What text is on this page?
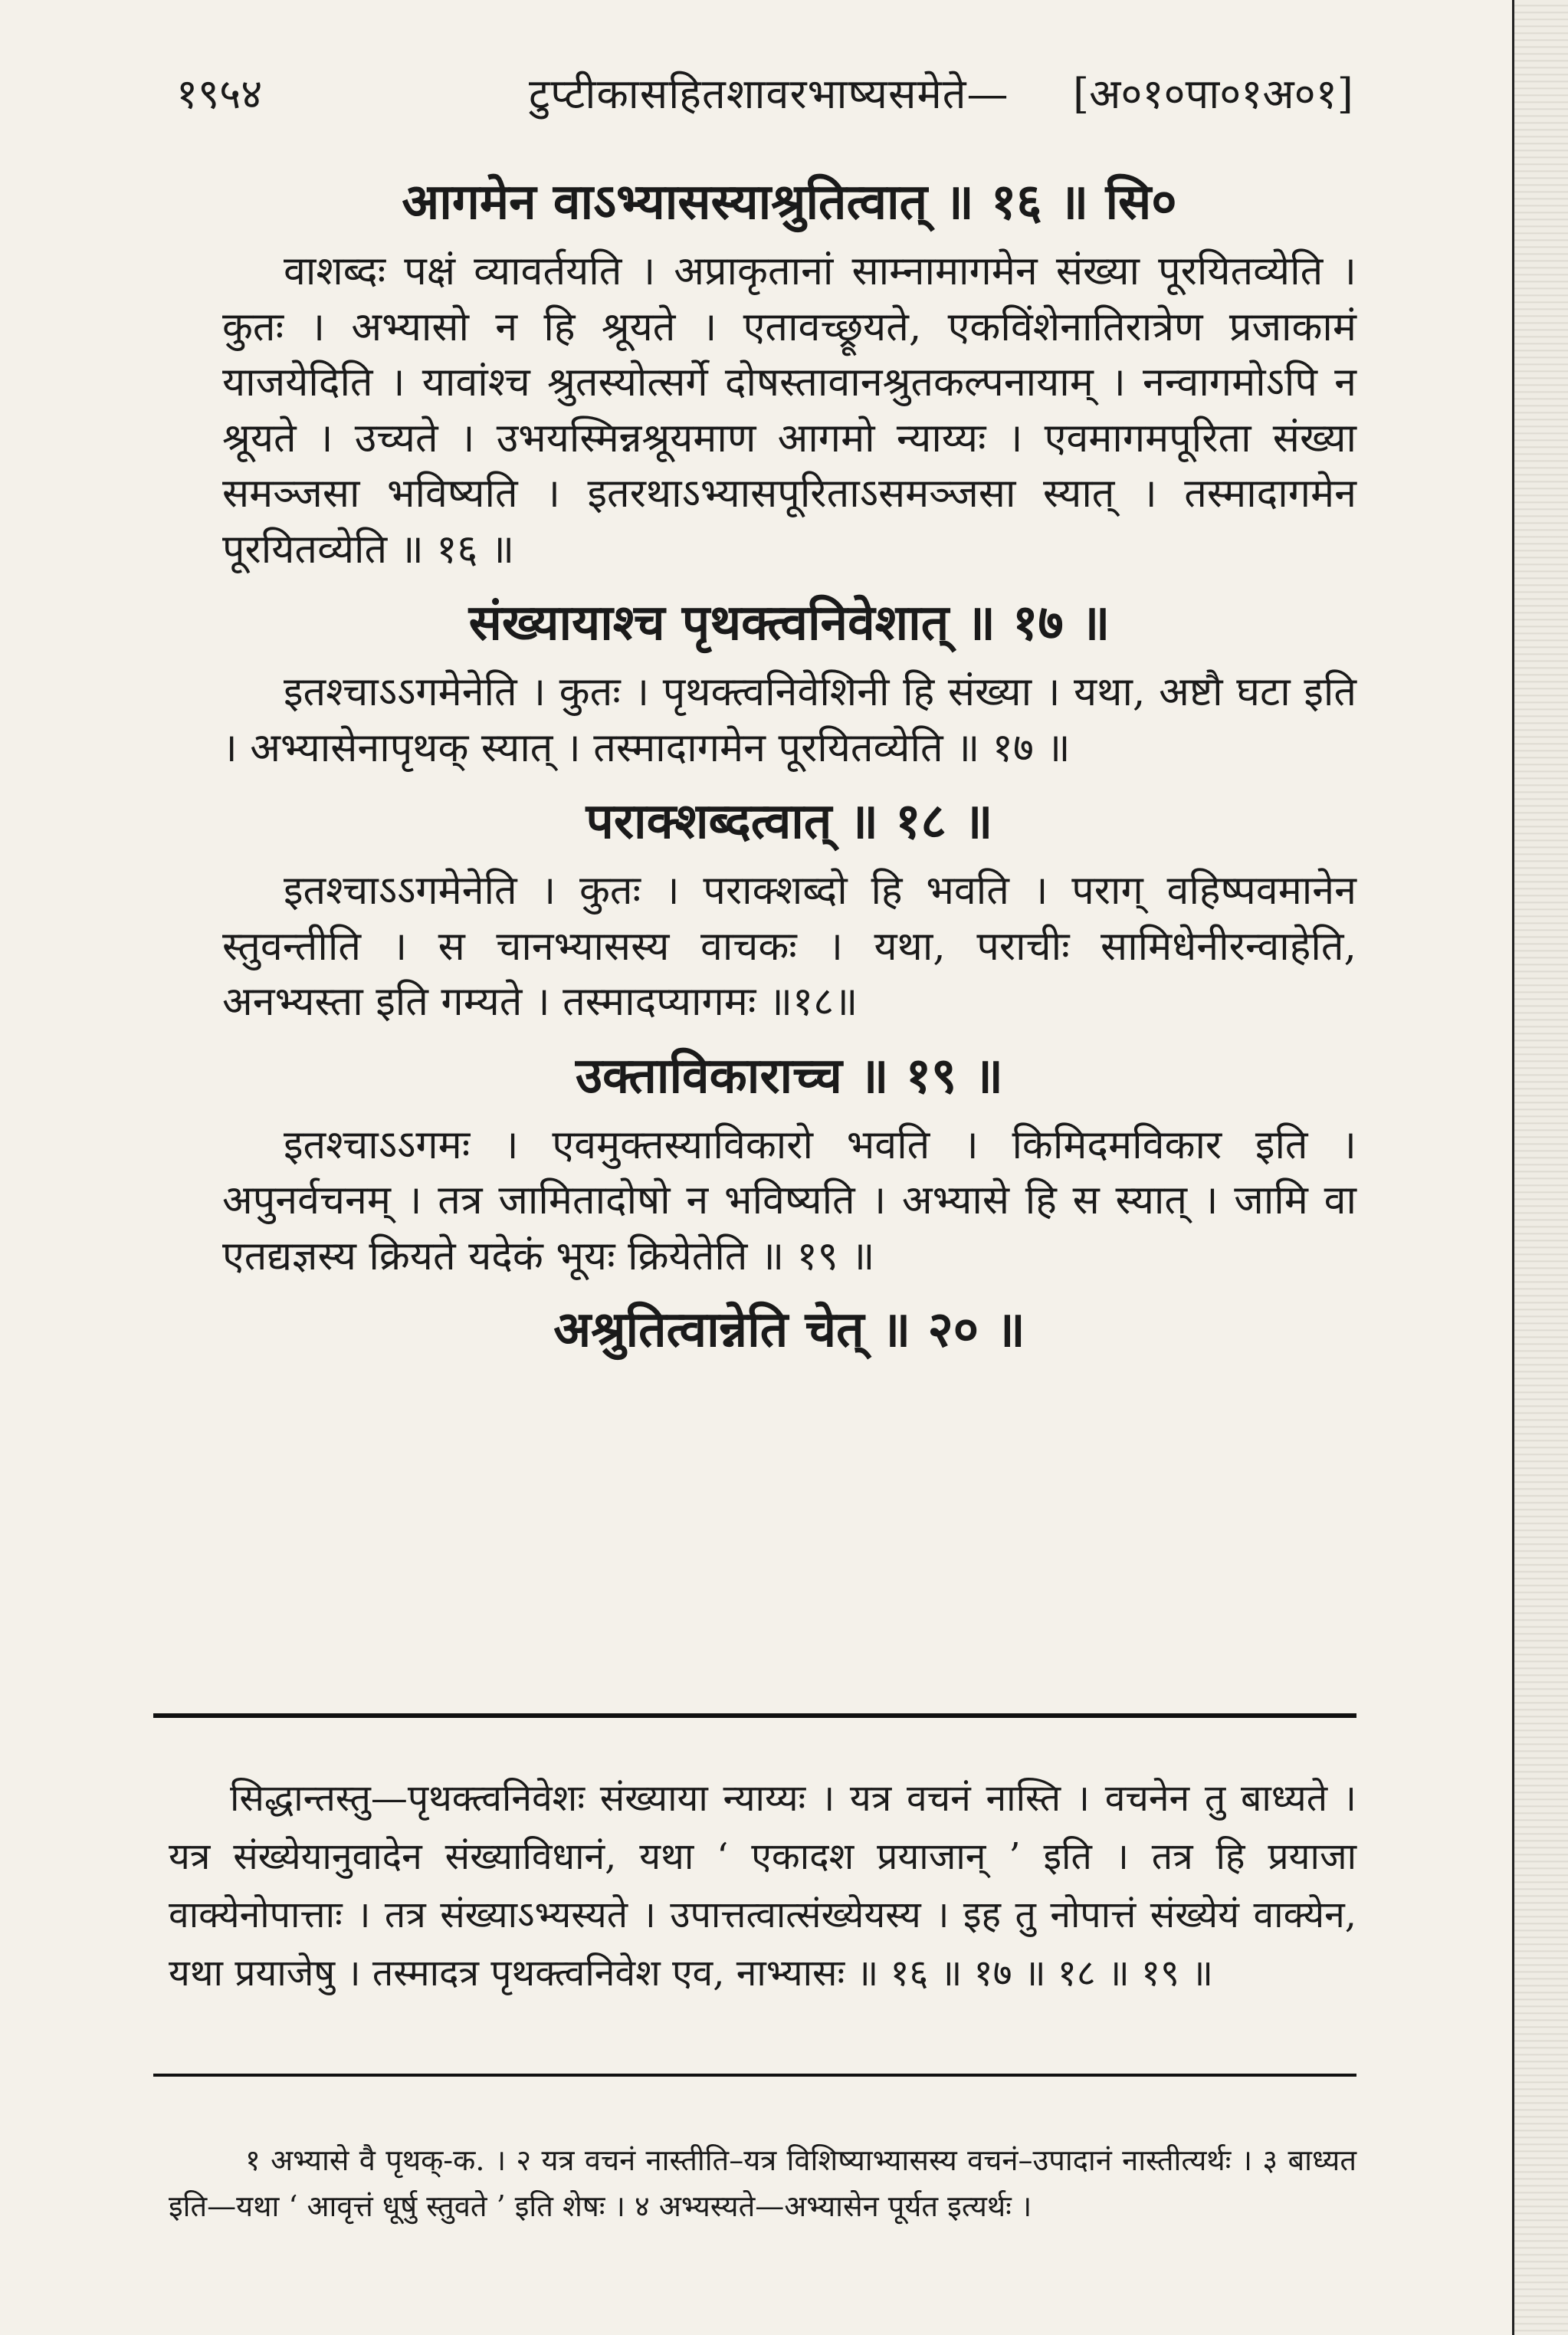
१९५४	टुप्टीकासहितशावरभाष्यसमेते— [अ०१०पा०१अ०१]

आगमेन वाऽभ्यासस्याश्रुतित्वात् ॥ १६ ॥ सि०

वाशब्दः पक्षं व्यावर्तयति । अप्राकृतानां साम्नामागमेन संख्या पूरयितव्येति । कुतः । अभ्यासो न हि श्रूयते । एतावच्छ्रूयते, एकविंशेनातिरात्रेण प्रजाकामं याजयेदिति । यावांश्च श्रुतस्योत्सर्गे दोषस्तावानश्रुतकल्पनायाम् । नन्वागमोऽपि न श्रूयते । उच्यते । उभयस्मिन्नश्रूयमाण आगमो न्याय्यः । एवमागमपूरिता संख्या समञ्जसा भविष्यति । इतरथाऽभ्यासपूरिताऽसमञ्जसा स्यात् । तस्मादागमेन पूरयितव्येति ॥ १६ ॥

संख्यायाश्च पृथक्त्वनिवेशात् ॥ १७ ॥

इतश्चाऽऽगमेनेति । कुतः । पृथक्त्वनिवेशिनी हि संख्या । यथा, अष्टौ घटा इति । अभ्यासेनापृथक् स्यात् । तस्मादागमेन पूरयितव्येति ॥ १७ ॥

पराक्शब्दत्वात् ॥ १८ ॥

इतश्चाऽऽगमेनेति । कुतः । पराक्शब्दो हि भवति । पराग् वहिष्पवमानेन स्तुवन्तीति । स चानभ्यासस्य वाचकः । यथा, पराचीः सामिधेनीरन्वाहेति, अनभ्यस्ता इति गम्यते । तस्मादप्यागमः ॥१८॥

उक्ताविकाराच्च ॥ १९ ॥

इतश्चाऽऽगमः । एवमुक्तस्याविकारो भवति । किमिदमविकार इति । अपुनर्वचनम् । तत्र जामितादोषो न भविष्यति । अभ्यासे हि स स्यात् । जामि वा एतद्यज्ञस्य क्रियते यदेकं भूयः क्रियेतेति ॥ १९ ॥

अश्रुतित्वान्नेति चेत् ॥ २० ॥

सिद्धान्तस्तु—पृथक्त्वनिवेशः संख्याया न्याय्यः । यत्र वचनं नास्ति । वचनेन तु बाध्यते । यत्र संख्येयानुवादेन संख्याविधानं, यथा ‘ एकादश प्रयाजान् ’ इति । तत्र हि प्रयाजा वाक्येनोपात्ताः । तत्र संख्याऽभ्यस्यते । उपात्तत्वात्संख्येयस्य । इह तु नोपात्तं संख्येयं वाक्येन, यथा प्रयाजेषु । तस्मादत्र पृथक्त्वनिवेश एव, नाभ्यासः ॥ १६ ॥ १७ ॥ १८ ॥ १९ ॥

१ अभ्यासे वै पृथक्-क. । २ यत्र वचनं नास्तीति–यत्र विशिष्याभ्यासस्य वचनं–उपादानं नास्तीत्यर्थः । ३ बाध्यत इति—यथा ‘ आवृत्तं धूर्षु स्तुवते ’ इति शेषः । ४ अभ्यस्यते—अभ्यासेन पूर्यत इत्यर्थः ।
